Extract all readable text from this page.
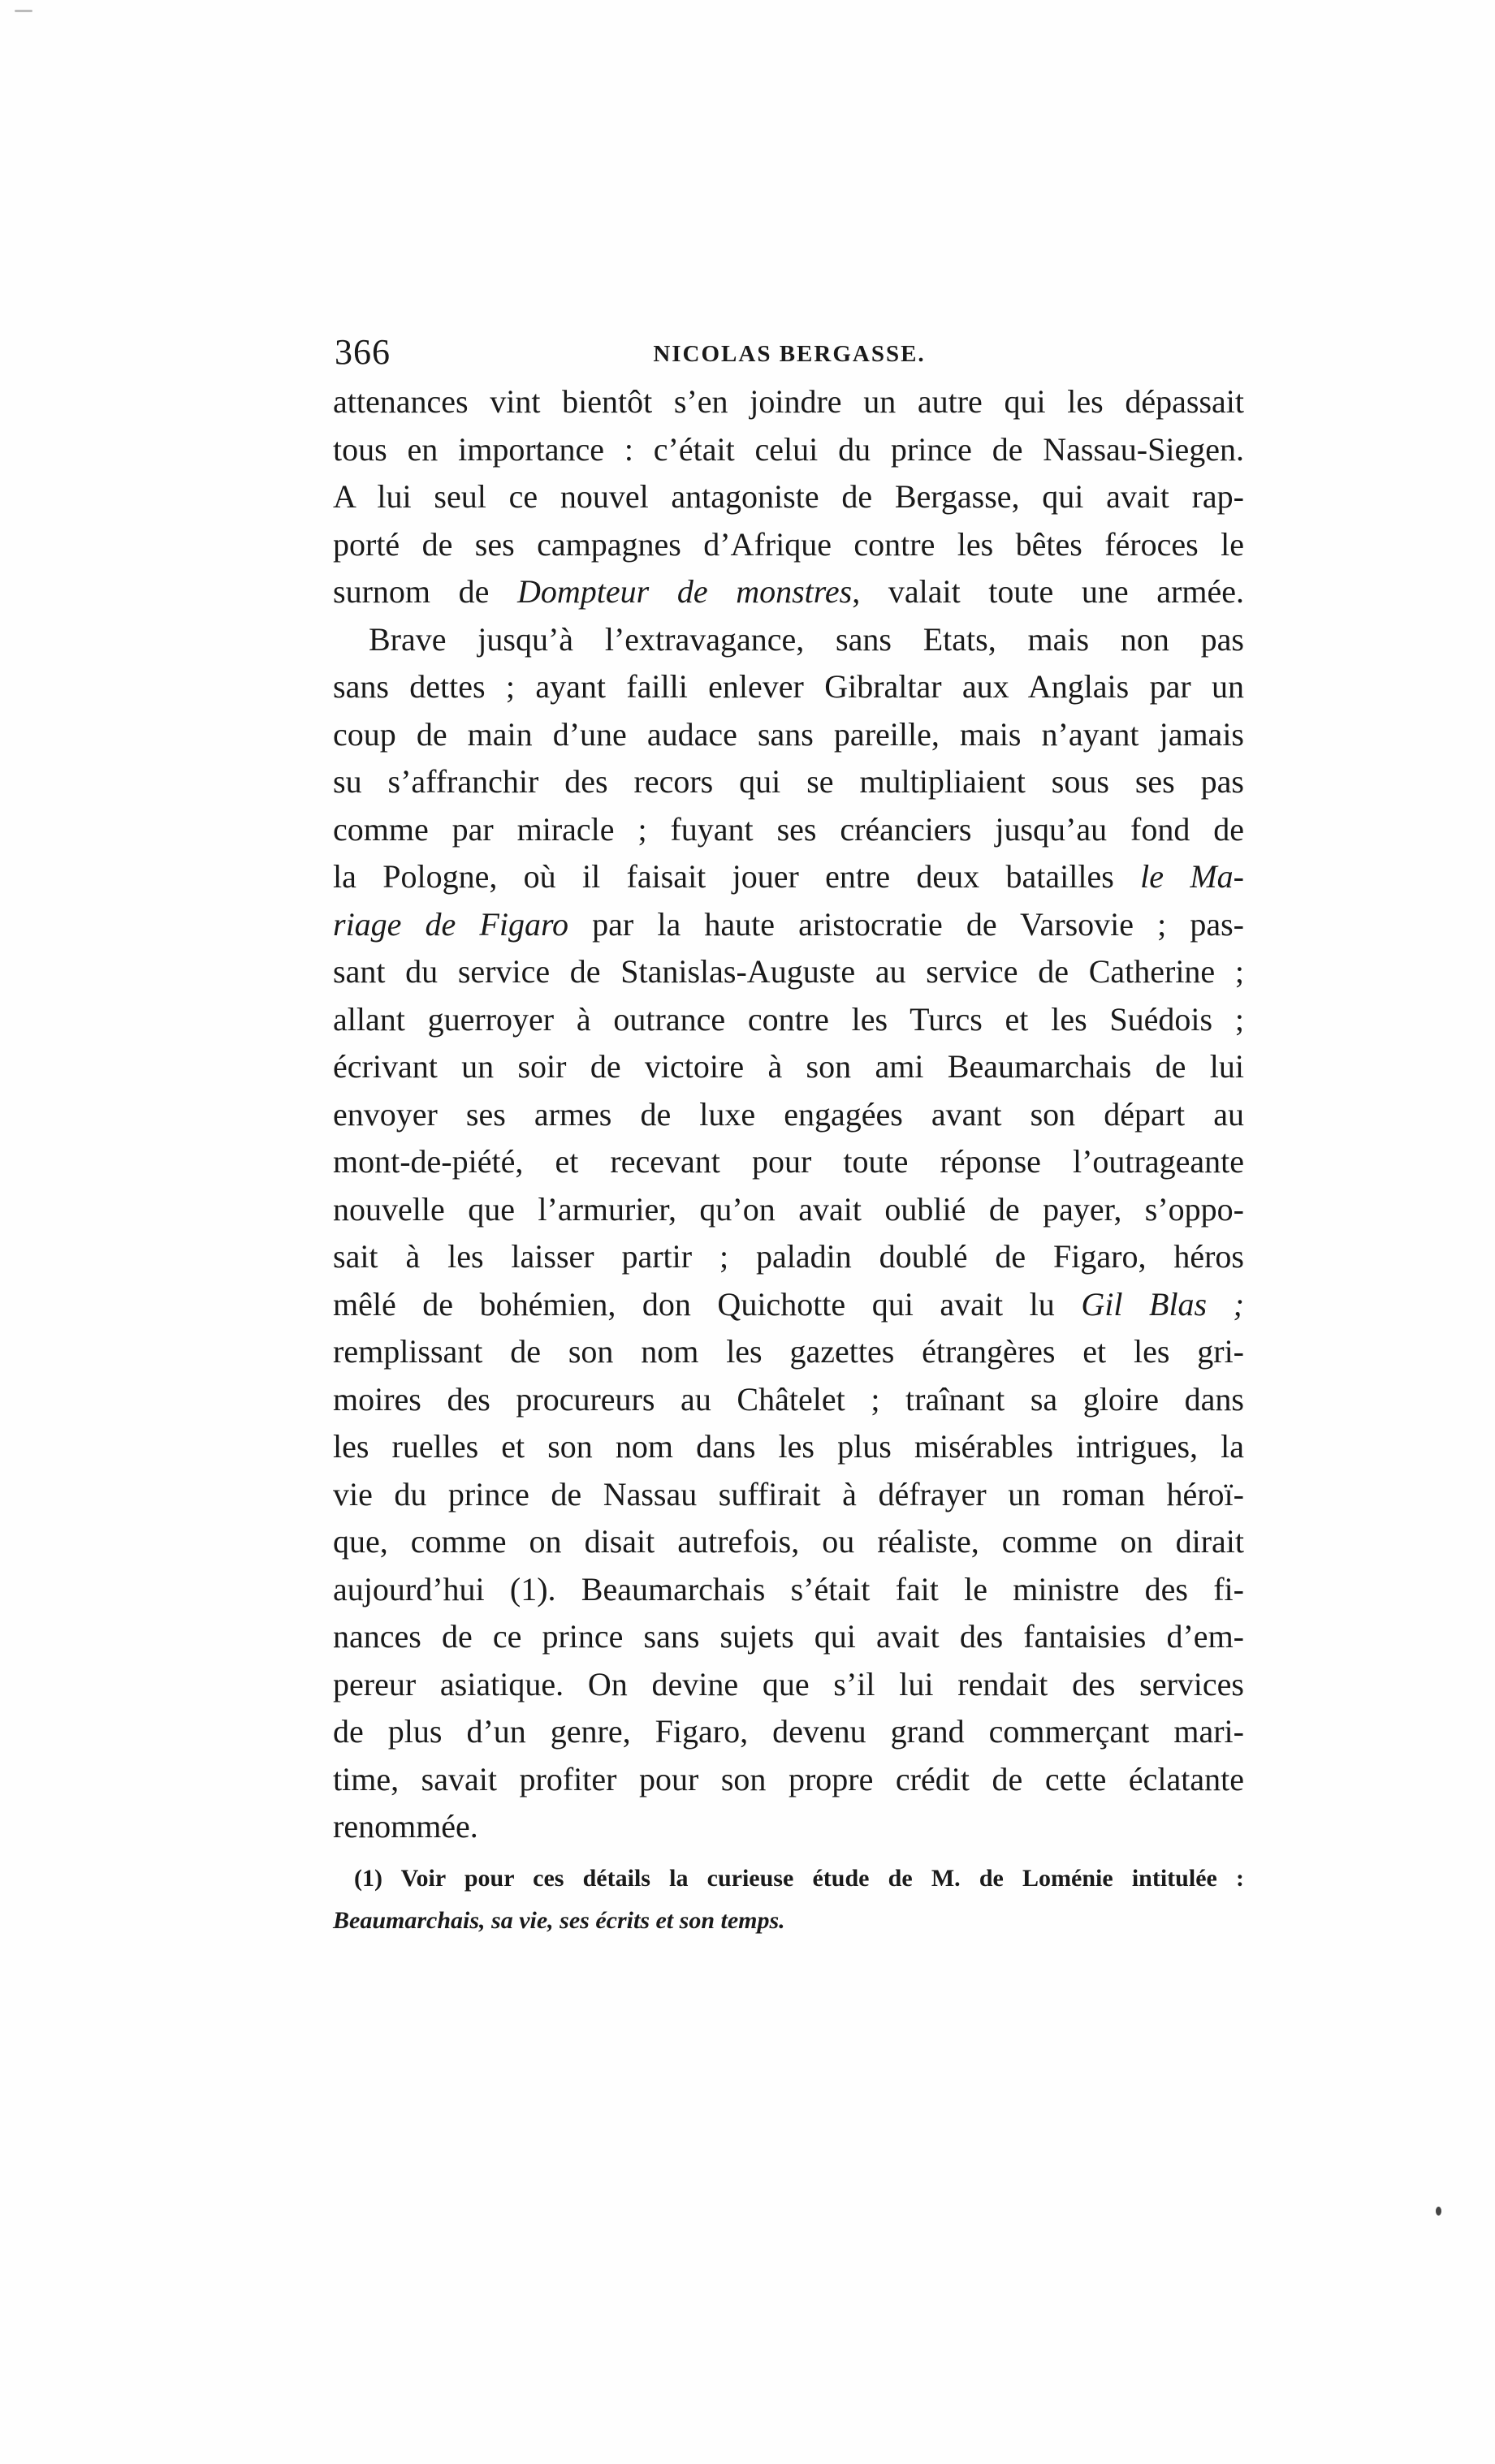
366	NICOLAS BERGASSE.
attenances vint bientôt s’en joindre un autre qui les dépassait
tous en importance : c’était celui du prince de Nassau-Siegen.
A lui seul ce nouvel antagoniste de Bergasse, qui avait rap-
porté de ses campagnes d’Afrique contre les bêtes féroces le
surnom de Dompteur de monstres, valait toute une armée.
Brave jusqu’à l’extravagance, sans Etats, mais non pas
sans dettes ; ayant failli enlever Gibraltar aux Anglais par un
coup de main d’une audace sans pareille, mais n’ayant jamais
su s’affranchir des recors qui se multipliaient sous ses pas
comme par miracle ; fuyant ses créanciers jusqu’au fond de
la Pologne, où il faisait jouer entre deux batailles le Ma-
riage de Figaro par la haute aristocratie de Varsovie ; pas-
sant du service de Stanislas-Auguste au service de Catherine ;
allant guerroyer à outrance contre les Turcs et les Suédois ;
écrivant un soir de victoire à son ami Beaumarchais de lui
envoyer ses armes de luxe engagées avant son départ au
mont-de-piété, et recevant pour toute réponse l’outrageante
nouvelle que l’armurier, qu’on avait oublié de payer, s’oppo-
sait à les laisser partir ; paladin doublé de Figaro, héros
mêlé de bohémien, don Quichotte qui avait lu Gil Blas ;
remplissant de son nom les gazettes étrangères et les gri-
moires des procureurs au Châtelet ; traînant sa gloire dans
les ruelles et son nom dans les plus misérables intrigues, la
vie du prince de Nassau suffirait à défrayer un roman héroï-
que, comme on disait autrefois, ou réaliste, comme on dirait
aujourd’hui (1). Beaumarchais s’était fait le ministre des fi-
nances de ce prince sans sujets qui avait des fantaisies d’em-
pereur asiatique. On devine que s’il lui rendait des services
de plus d’un genre, Figaro, devenu grand commerçant mari-
time, savait profiter pour son propre crédit de cette éclatante
renommée.
(1) Voir pour ces détails la curieuse étude de M. de Loménie intitulée :
Beaumarchais, sa vie, ses écrits et son temps.
